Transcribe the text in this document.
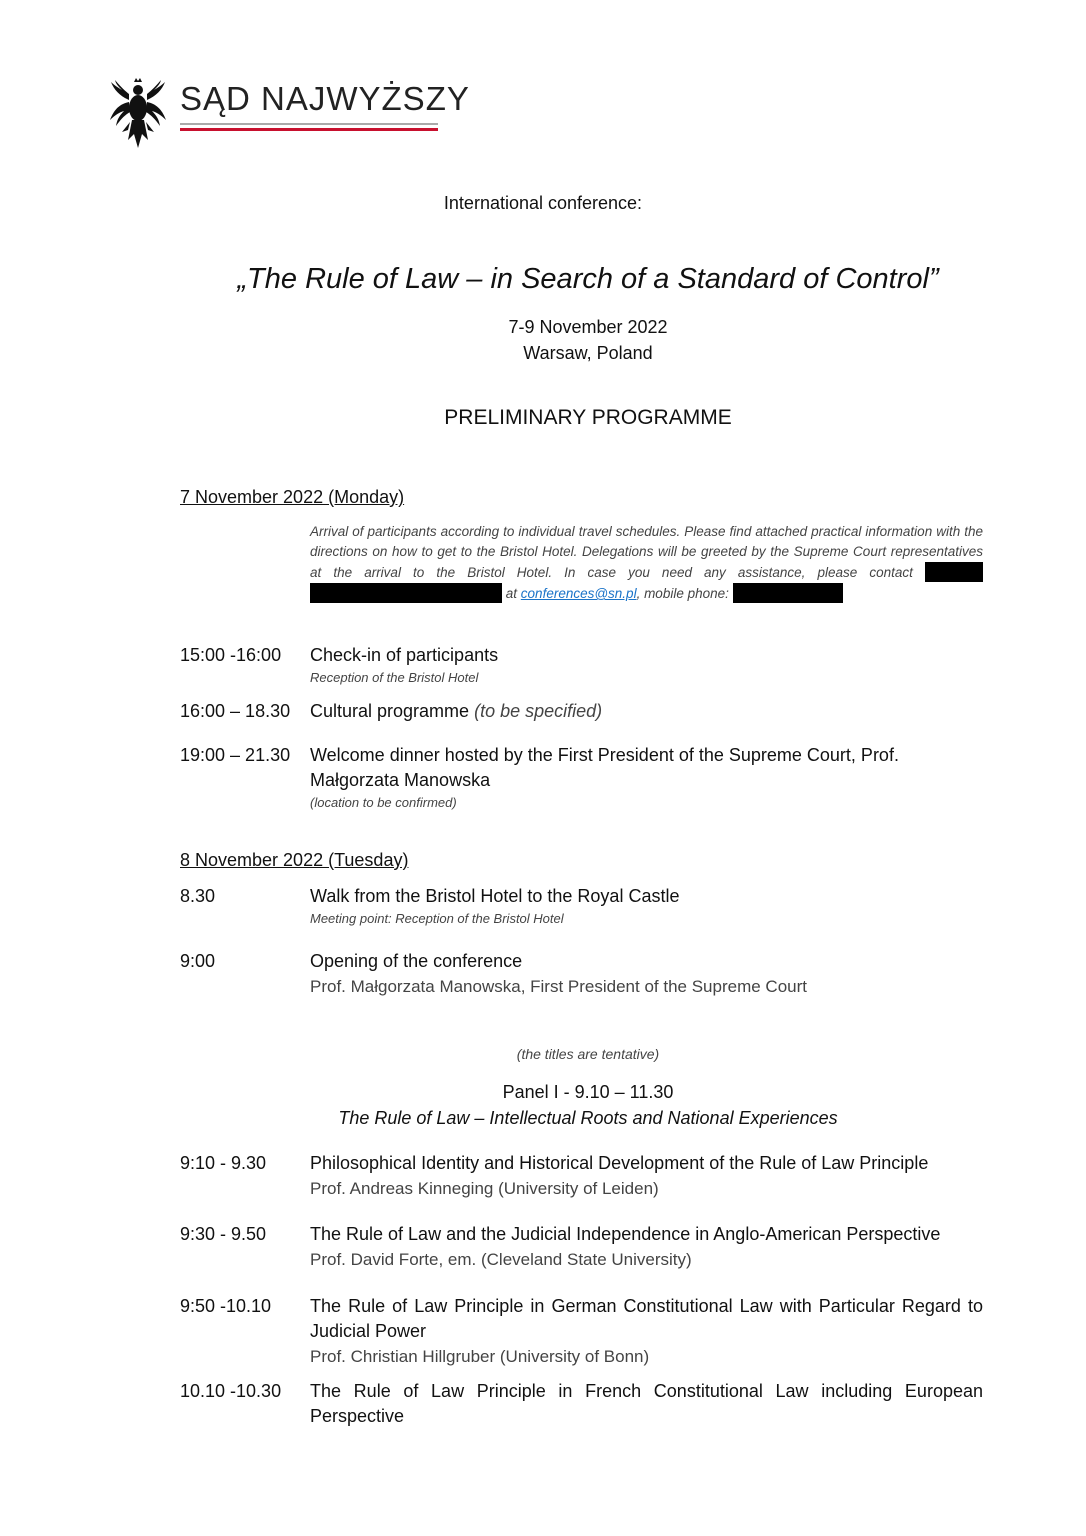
SĄD NAJWYŻSZY
International conference:
„The Rule of Law – in Search of a Standard of Control”
7-9 November 2022
Warsaw, Poland
PRELIMINARY PROGRAMME
7 November 2022 (Monday)
Arrival of participants according to individual travel schedules. Please find attached practical information with the directions on how to get to the Bristol Hotel. Delegations will be greeted by the Supreme Court representatives at the arrival to the Bristol Hotel. In case you need any assistance, please contact   at conferences@sn.pl, mobile phone:
15:00 -16:00 Check-in of participants
Reception of the Bristol Hotel
16:00 – 18.30 Cultural programme (to be specified)
19:00 – 21.30 Welcome dinner hosted by the First President of the Supreme Court, Prof. Małgorzata Manowska
(location to be confirmed)
8 November 2022 (Tuesday)
8.30	Walk from the Bristol Hotel to the Royal Castle
Meeting point: Reception of the Bristol Hotel
9:00	Opening of the conference
Prof. Małgorzata Manowska, First President of the Supreme Court
(the titles are tentative)
Panel I - 9.10 – 11.30
The Rule of Law – Intellectual Roots and National Experiences
9:10 - 9.30 Philosophical Identity and Historical Development of the Rule of Law Principle
Prof. Andreas Kinneging (University of Leiden)
9:30 - 9.50 The Rule of Law and the Judicial Independence in Anglo-American Perspective
Prof. David Forte, em. (Cleveland State University)
9:50 -10.10 The Rule of Law Principle in German Constitutional Law with Particular Regard to Judicial Power
Prof. Christian Hillgruber (University of Bonn)
10.10 -10.30 The Rule of Law Principle in French Constitutional Law including European Perspective
